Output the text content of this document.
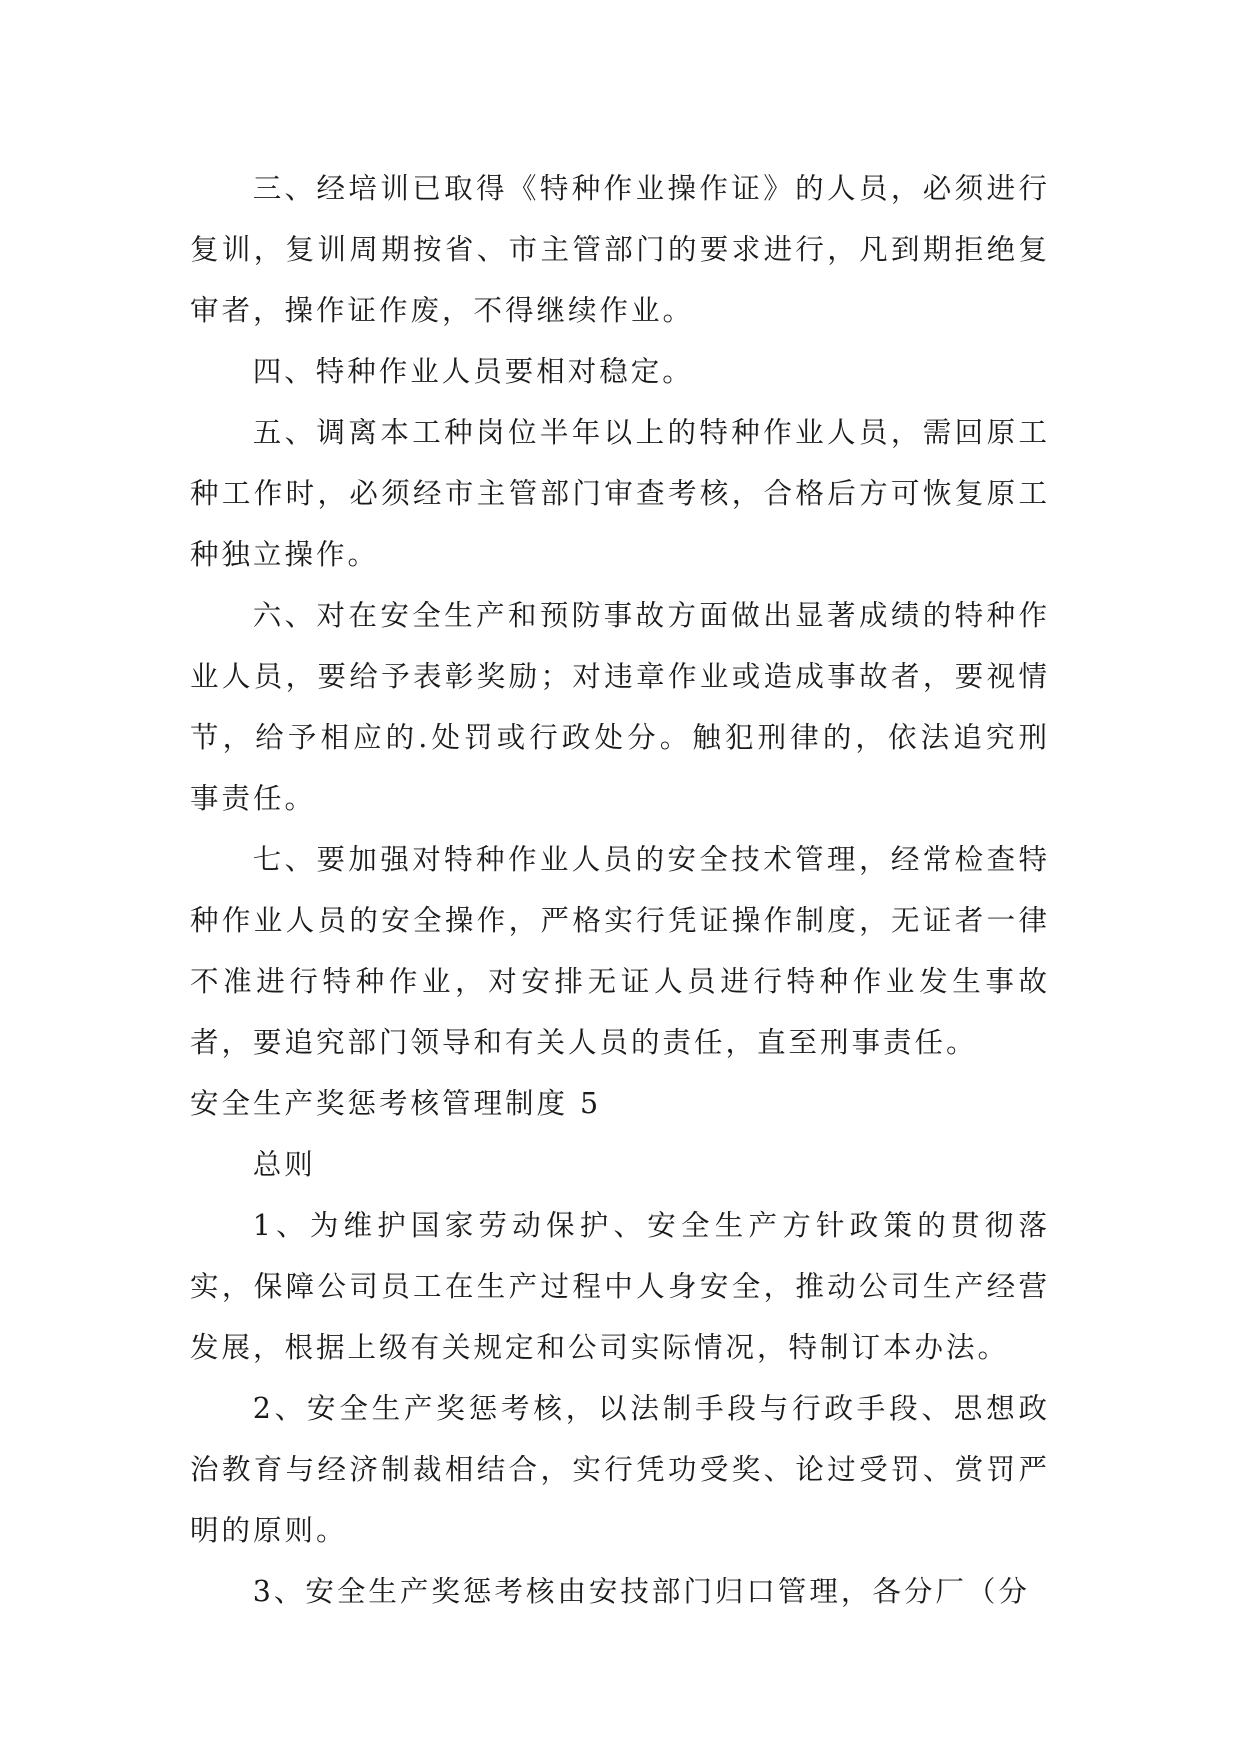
三、经培训已取得《特种作业操作证》的人员，必须进行复训，复训周期按省、市主管部门的要求进行，凡到期拒绝复审者，操作证作废，不得继续作业。

四、特种作业人员要相对稳定。

五、调离本工种岗位半年以上的特种作业人员，需回原工种工作时，必须经市主管部门审查考核，合格后方可恢复原工种独立操作。

六、对在安全生产和预防事故方面做出显著成绩的特种作业人员，要给予表彰奖励；对违章作业或造成事故者，要视情节，给予相应的.处罚或行政处分。触犯刑律的，依法追究刑事责任。

七、要加强对特种作业人员的安全技术管理，经常检查特种作业人员的安全操作，严格实行凭证操作制度，无证者一律不准进行特种作业，对安排无证人员进行特种作业发生事故者，要追究部门领导和有关人员的责任，直至刑事责任。

安全生产奖惩考核管理制度 5

总则

1、为维护国家劳动保护、安全生产方针政策的贯彻落实，保障公司员工在生产过程中人身安全，推动公司生产经营发展，根据上级有关规定和公司实际情况，特制订本办法。

2、安全生产奖惩考核，以法制手段与行政手段、思想政治教育与经济制裁相结合，实行凭功受奖、论过受罚、赏罚严明的原则。

3、安全生产奖惩考核由安技部门归口管理，各分厂（分
